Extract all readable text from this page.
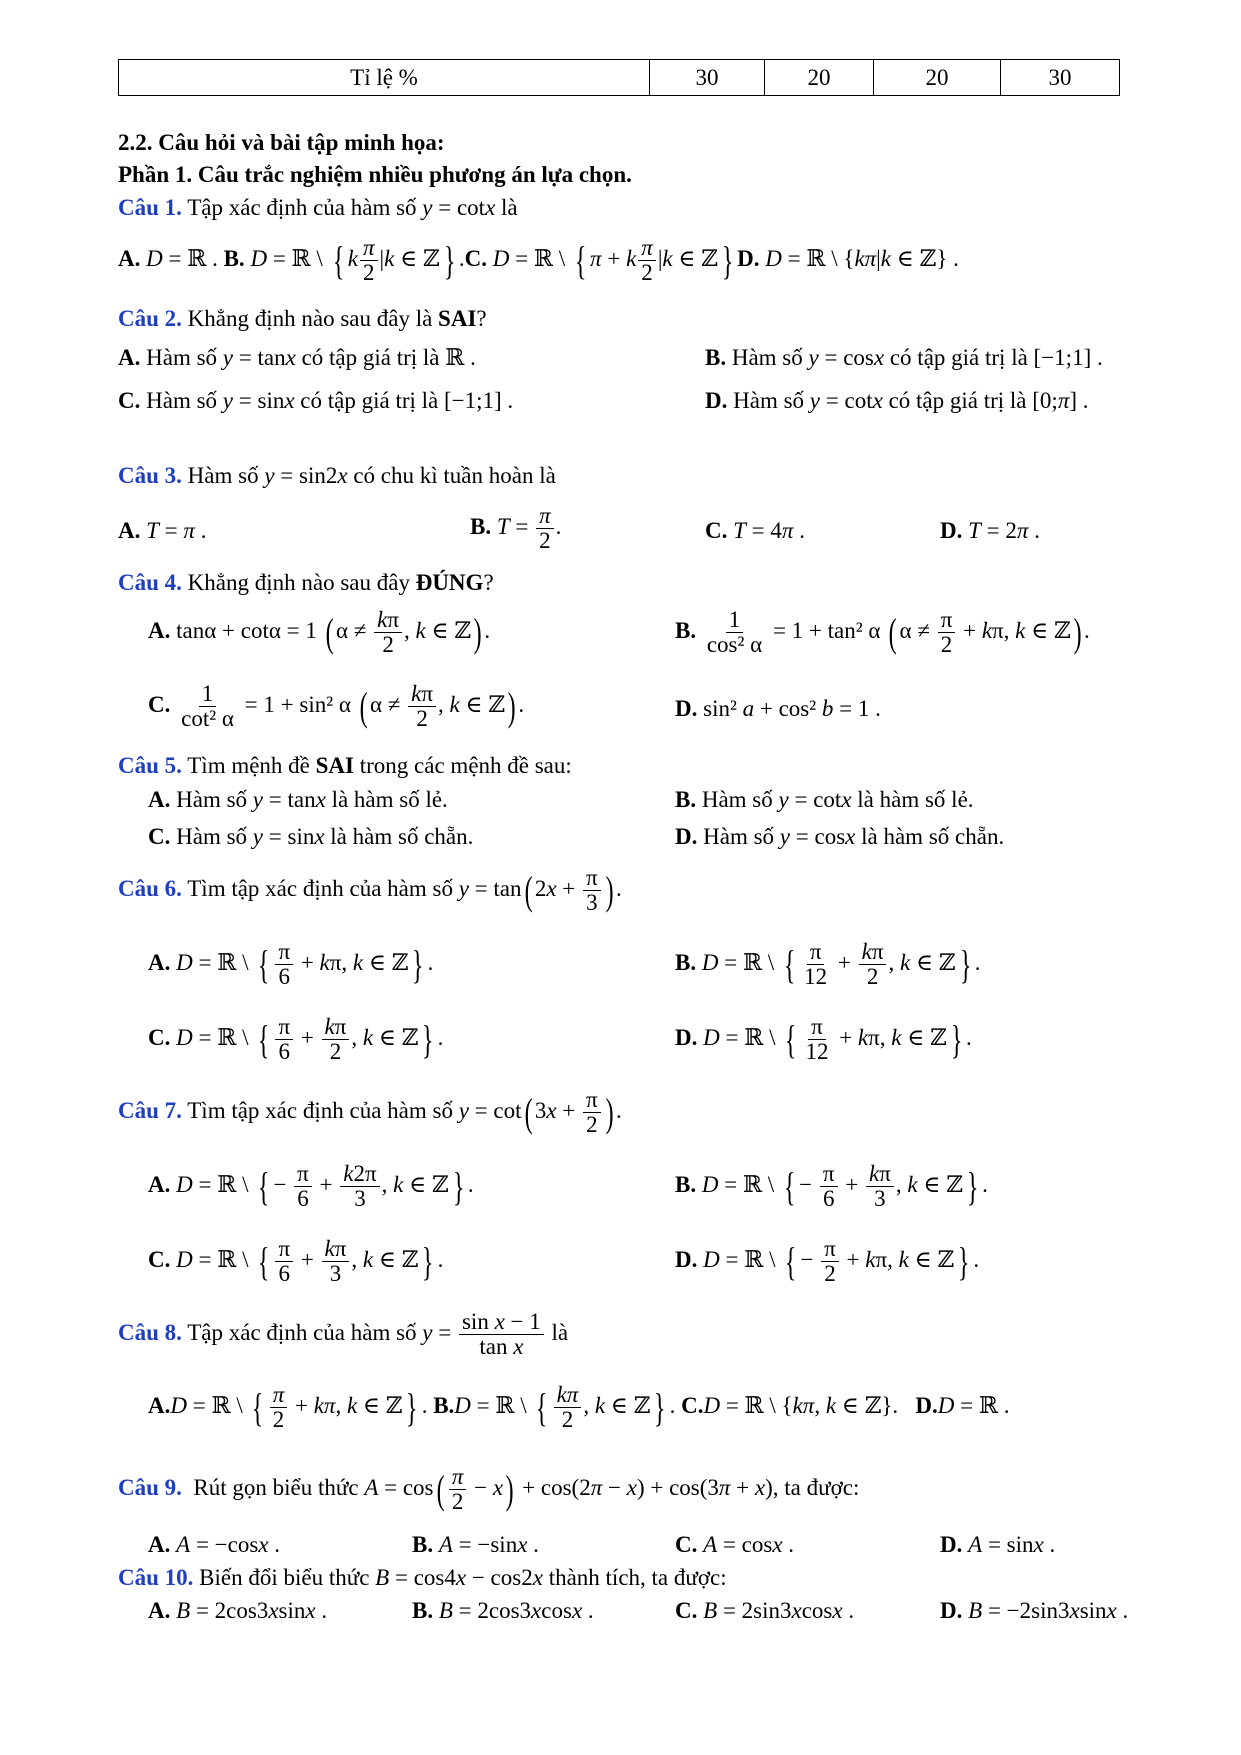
Tỉ lệ %	30	20	20	30
2.2. Câu hỏi và bài tập minh họa:
Phần 1. Câu trắc nghiệm nhiều phương án lựa chọn.
Câu 1. Tập xác định của hàm số y = cotx là
A. D = ℝ . B. D = ℝ \ { k $\frac{\pi}{2} |k$ ∈ ℤ} .C. D = ℝ \ { π + k $\frac{\pi}{2} |k$ ∈ ℤ} D. D = ℝ \ {kπ|k ∈ ℤ} .
Câu 2. Khẳng định nào sau đây là SAI?
A. Hàm số y = tanx có tập giá trị là ℝ .	B. Hàm số y = cosx có tập giá trị là [−1;1] .
C. Hàm số y = sinx có tập giá trị là [−1;1] .	D. Hàm số y = cotx có tập giá trị là [0;π] .
Câu 3. Hàm số y = sin2x có chu kì tuần hoàn là
A. T = π .	B. $T = \frac{\pi}{2}$ .	C. T = 4π .	D. T = 2π .
Câu 4. Khẳng định nào sau đây ĐÚNG?
A. tanα + cotα = 1 ( $\alpha \ne \frac{k\pi}{2}$ , k ∈ ℤ) .	B. $\frac{1}{\text{cos² α}} = 1 + \tan^2$ α ( $\alpha \ne \frac{\pi}{2} + k\pi$, k ∈ ℤ) .
C. $\frac{1}{\text{cot² α}} = 1 + \sin^2$ α ( $\alpha \ne \frac{k\pi}{2}$ , k ∈ ℤ) .	D. sin² a + cos² b = 1 .
Câu 5. Tìm mệnh đề SAI trong các mệnh đề sau:
A. Hàm số y = tanx là hàm số lẻ.	B. Hàm số y = cotx là hàm số lẻ.
C. Hàm số y = sinx là hàm số chẵn.	D. Hàm số y = cosx là hàm số chẵn.
Câu 6. Tìm tập xác định của hàm số y = tan( $2x + \frac{\pi}{3}$ ) .
A. D = ℝ \ { $\frac{\pi}{6} + k\pi$, k ∈ ℤ} .	B. D = ℝ \ { $\frac{\pi}{12} + \frac{k\pi}{2}$ , k ∈ ℤ} .
C. D = ℝ \ { $\frac{\pi}{6} + \frac{k\pi}{2}$ , k ∈ ℤ} .	D. D = ℝ \ { $\frac{\pi}{12} + k\pi$, k ∈ ℤ} .
Câu 7. Tìm tập xác định của hàm số y = cot( $3x + \frac{\pi}{2}$ ) .
A. D = ℝ \ { − $\frac{\pi}{6} + \frac{k2\pi}{3}$ , k ∈ ℤ} .	B. D = ℝ \ { − $\frac{\pi}{6} + \frac{k\pi}{3}$ , k ∈ ℤ} .
C. D = ℝ \ { $\frac{\pi}{6} + \frac{k\pi}{3}$ , k ∈ ℤ} .	D. D = ℝ \ { − $\frac{\pi}{2} + k\pi$, k ∈ ℤ} .
Câu 8. Tập xác định của hàm số $y = \frac{\text{sin x − 1}}{\text{tan x}}$ là
A.D = ℝ \ { $\frac{\pi}{2} + k\pi$, k ∈ ℤ} . B.D = ℝ \ { $\frac{k\pi}{2}$ , k ∈ ℤ} . C.D = ℝ \ {kπ, k ∈ ℤ}.   D.D = ℝ .
Câu 9. Rút gọn biểu thức $A = \cos( \frac{\pi}{2} - x) + \cos(2\pi - x) + \cos(3\pi + x)$, ta được:
A. A = −cosx .	B. A = −sinx .	C. A = cosx .	D. A = sinx .
Câu 10. Biến đổi biểu thức B = cos4x − cos2x thành tích, ta được:
A. B = 2cos3xsinx .	B. B = 2cos3xcosx .	C. B = 2sin3xcosx .	D. B = −2sin3xsinx .
